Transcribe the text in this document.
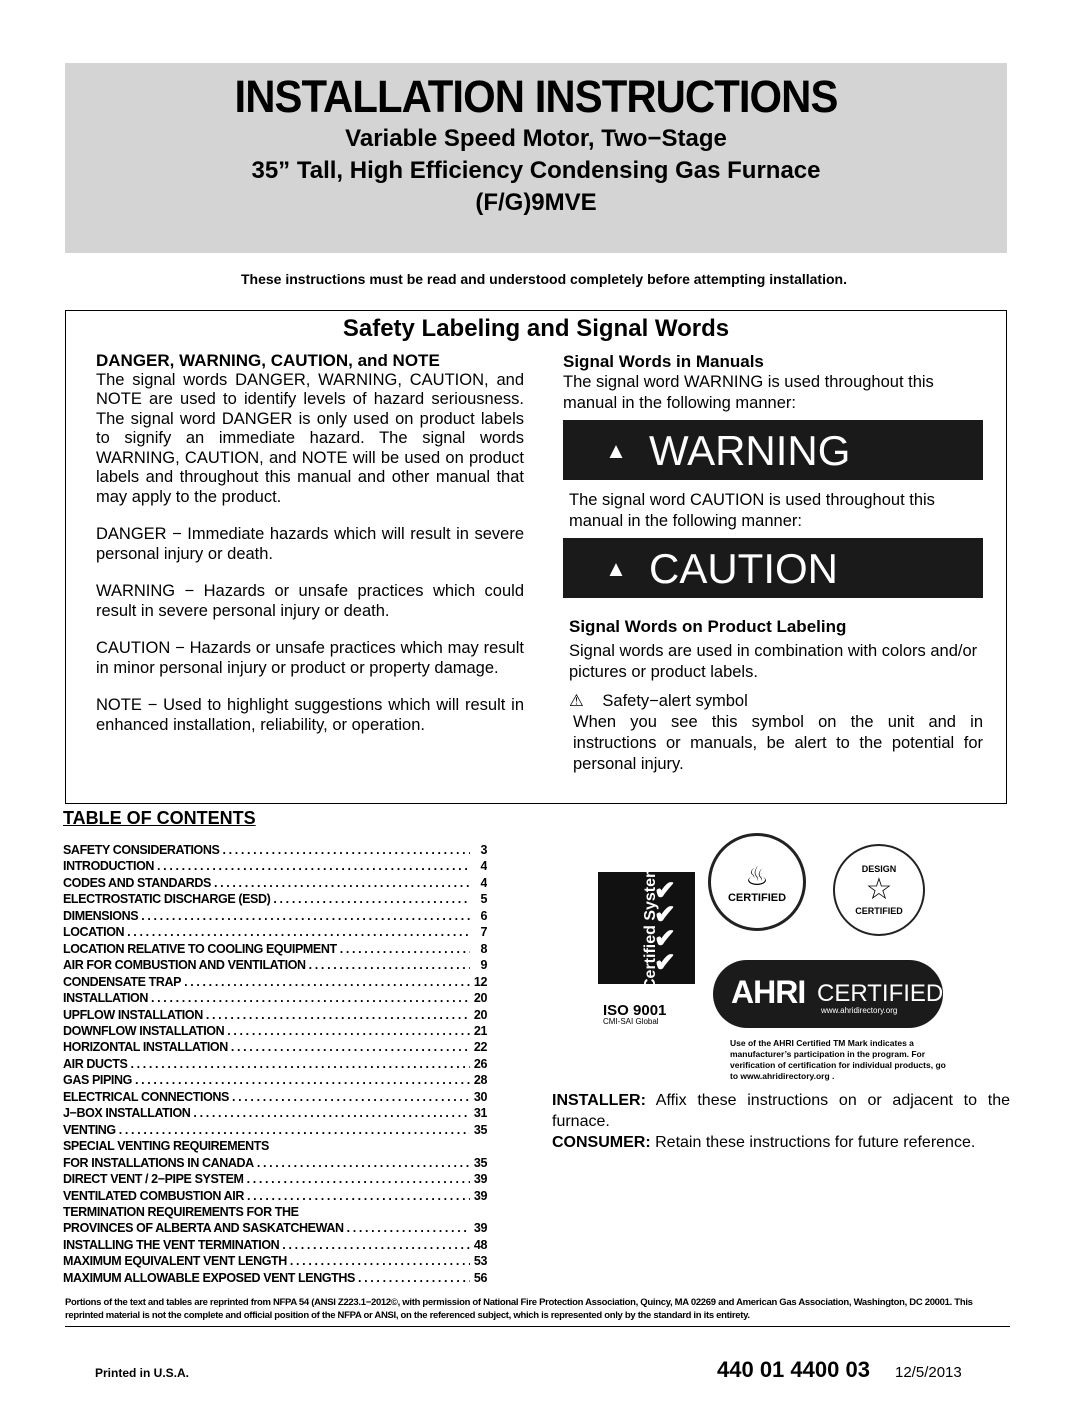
INSTALLATION INSTRUCTIONS
Variable Speed Motor, Two−Stage
35” Tall, High Efficiency Condensing Gas Furnace
(F/G)9MVE
These instructions must be read and understood completely before attempting installation.
Safety Labeling and Signal Words
DANGER, WARNING, CAUTION, and NOTE

The signal words DANGER, WARNING, CAUTION, and NOTE are used to identify levels of hazard seriousness. The signal word DANGER is only used on product labels to signify an immediate hazard. The signal words WARNING, CAUTION, and NOTE will be used on product labels and throughout this manual and other manual that may apply to the product.

DANGER − Immediate hazards which will result in severe personal injury or death.

WARNING − Hazards or unsafe practices which could result in severe personal injury or death.

CAUTION − Hazards or unsafe practices which may result in minor personal injury or product or property damage.

NOTE − Used to highlight suggestions which will result in enhanced installation, reliability, or operation.

Signal Words in Manuals
The signal word WARNING is used throughout this manual in the following manner:
▲ WARNING
The signal word CAUTION is used throughout this manual in the following manner:
▲ CAUTION
Signal Words on Product Labeling
Signal words are used in combination with colors and/or pictures or product labels.
⚠ Safety−alert symbol
When you see this symbol on the unit and in instructions or manuals, be alert to the potential for personal injury.
TABLE OF CONTENTS
SAFETY CONSIDERATIONS . . .	3
INTRODUCTION . . .	4
CODES AND STANDARDS . . .	4
ELECTROSTATIC DISCHARGE (ESD) . . .	5
DIMENSIONS . . .	6
LOCATION . . .	7
LOCATION RELATIVE TO COOLING EQUIPMENT . . .	8
AIR FOR COMBUSTION AND VENTILATION . . .	9
CONDENSATE TRAP . . .	12
INSTALLATION . . .	20
UPFLOW INSTALLATION . . .	20
DOWNFLOW INSTALLATION . . .	21
HORIZONTAL INSTALLATION . . .	22
AIR DUCTS . . .	26
GAS PIPING . . .	28
ELECTRICAL CONNECTIONS . . .	30
J−BOX INSTALLATION . . .	31
VENTING . . .	35
SPECIAL VENTING REQUIREMENTS
FOR INSTALLATIONS IN CANADA . . .	35
DIRECT VENT / 2−PIPE SYSTEM . . .	39
VENTILATED COMBUSTION AIR . . .	39
TERMINATION REQUIREMENTS FOR THE
PROVINCES OF ALBERTA AND SASKATCHEWAN . . .	39
INSTALLING THE VENT TERMINATION . . .	48
MAXIMUM EQUIVALENT VENT LENGTH . . .	53
MAXIMUM ALLOWABLE EXPOSED VENT LENGTHS . . .	56
Certified System
✔
✔
✔
✔
ISO 9001
CMI-SAI Global
♨
CERTIFIED
DESIGN
☆
CERTIFIED
AHRI CERTIFIED
www.ahridirectory.org
Use of the AHRI Certified TM Mark indicates a manufacturer’s participation in the program. For verification of certification for individual products, go to www.ahridirectory.org .

INSTALLER: Affix these instructions on or adjacent to the furnace.

CONSUMER: Retain these instructions for future reference.

Portions of the text and tables are reprinted from NFPA 54 (ANSI Z223.1−2012©, with permission of National Fire Protection Association, Quincy, MA 02269 and American Gas Association, Washington, DC 20001. This reprinted material is not the complete and official position of the NFPA or ANSI, on the referenced subject, which is represented only by the standard in its entirety.
Printed in U.S.A.	440 01 4400 03 12/5/2013
